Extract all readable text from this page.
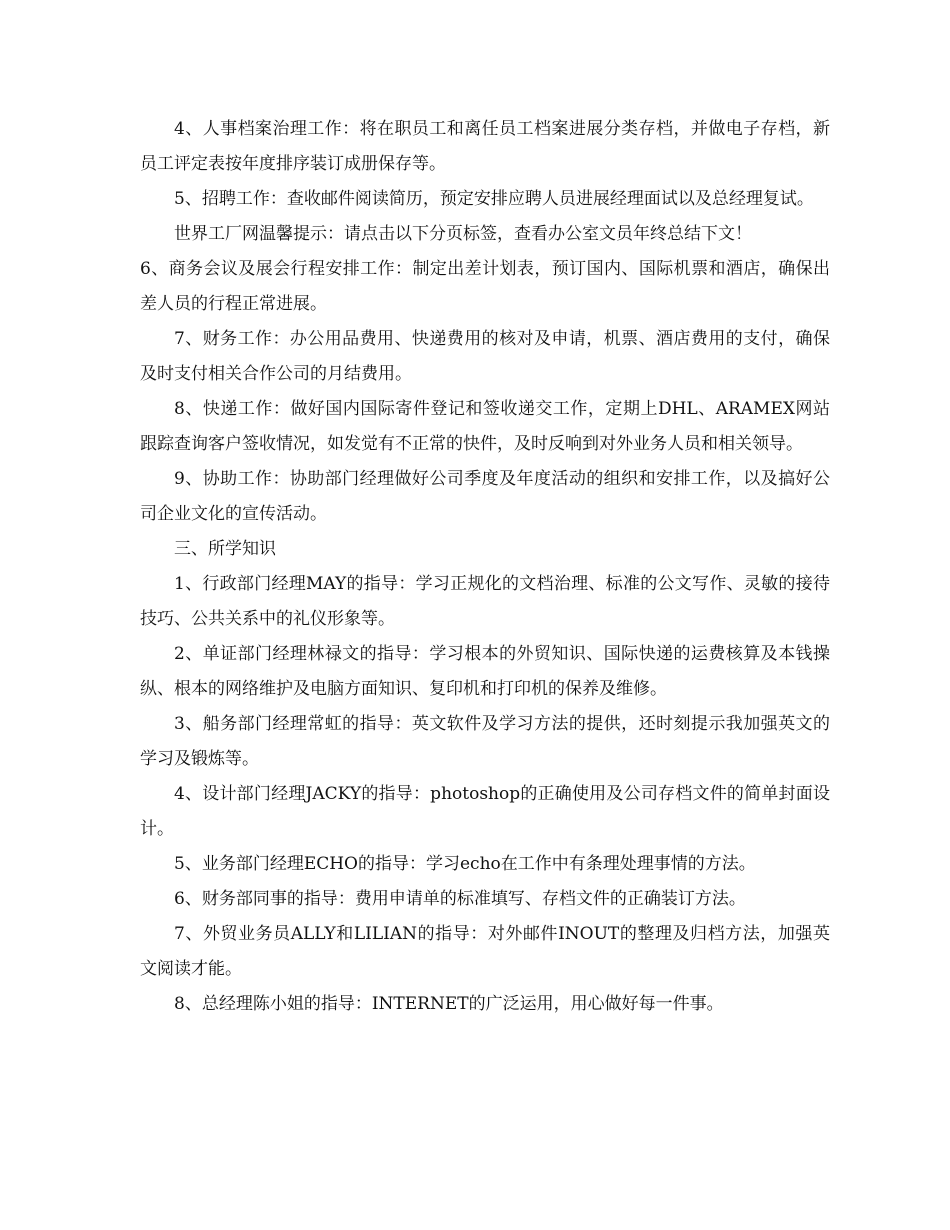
4、人事档案治理工作：将在职员工和离任员工档案进展分类存档，并做电子存档，新员工评定表按年度排序装订成册保存等。

5、招聘工作：查收邮件阅读简历，预定安排应聘人员进展经理面试以及总经理复试。

世界工厂网温馨提示：请点击以下分页标签，查看办公室文员年终总结下文！

6、商务会议及展会行程安排工作：制定出差计划表，预订国内、国际机票和酒店，确保出差人员的行程正常进展。

7、财务工作：办公用品费用、快递费用的核对及申请，机票、酒店费用的支付，确保及时支付相关合作公司的月结费用。

8、快递工作：做好国内国际寄件登记和签收递交工作，定期上DHL、ARAMEX网站跟踪查询客户签收情况，如发觉有不正常的快件，及时反响到对外业务人员和相关领导。

9、协助工作：协助部门经理做好公司季度及年度活动的组织和安排工作，以及搞好公司企业文化的宣传活动。

三、所学知识

1、行政部门经理MAY的指导：学习正规化的文档治理、标准的公文写作、灵敏的接待技巧、公共关系中的礼仪形象等。

2、单证部门经理林禄文的指导：学习根本的外贸知识、国际快递的运费核算及本钱操纵、根本的网络维护及电脑方面知识、复印机和打印机的保养及维修。

3、船务部门经理常虹的指导：英文软件及学习方法的提供，还时刻提示我加强英文的学习及锻炼等。

4、设计部门经理JACKY的指导：photoshop的正确使用及公司存档文件的简单封面设计。

5、业务部门经理ECHO的指导：学习echo在工作中有条理处理事情的方法。

6、财务部同事的指导：费用申请单的标准填写、存档文件的正确装订方法。

7、外贸业务员ALLY和LILIAN的指导：对外邮件INOUT的整理及归档方法，加强英文阅读才能。

8、总经理陈小姐的指导：INTERNET的广泛运用，用心做好每一件事。
